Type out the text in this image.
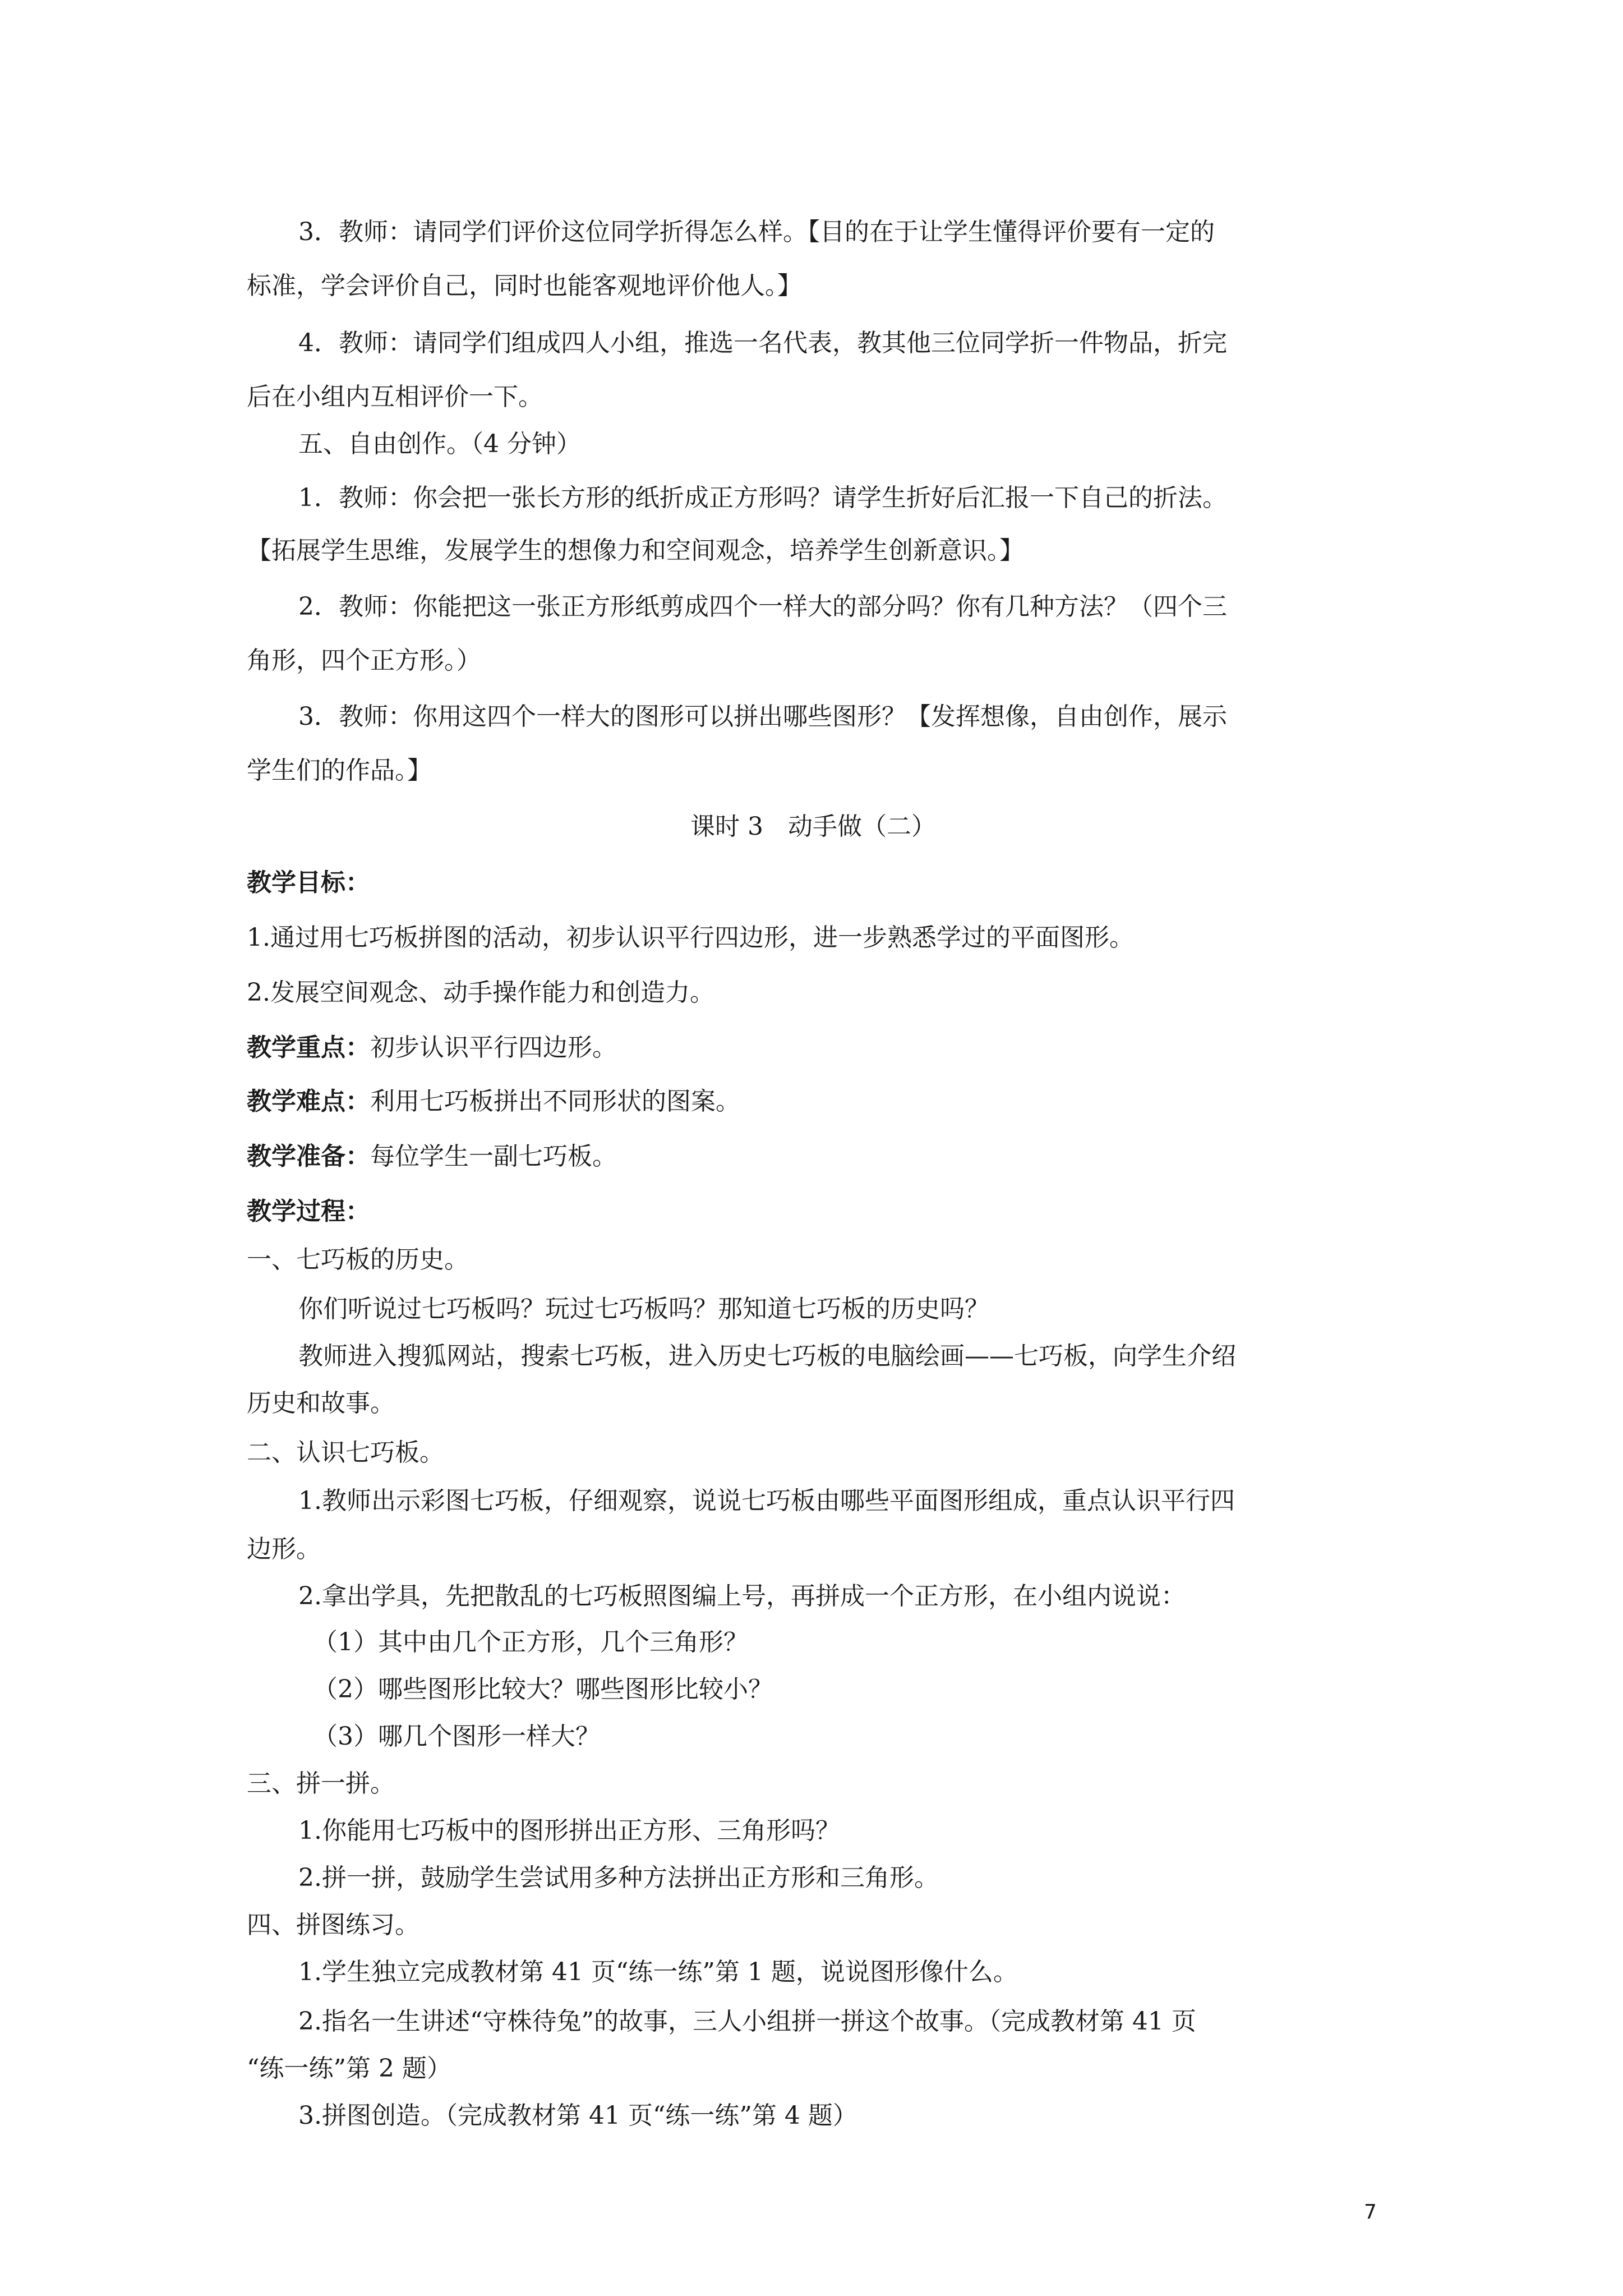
3．教师：请同学们评价这位同学折得怎么样。【目的在于让学生懂得评价要有一定的
标准，学会评价自己，同时也能客观地评价他人。】
4．教师：请同学们组成四人小组，推选一名代表，教其他三位同学折一件物品，折完
后在小组内互相评价一下。
五、自由创作。（4 分钟）
1．教师：你会把一张长方形的纸折成正方形吗？请学生折好后汇报一下自己的折法。
【拓展学生思维，发展学生的想像力和空间观念，培养学生创新意识。】
2．教师：你能把这一张正方形纸剪成四个一样大的部分吗？你有几种方法？（四个三
角形，四个正方形。）
3．教师：你用这四个一样大的图形可以拼出哪些图形？【发挥想像，自由创作，展示
学生们的作品。】
课时 3　动手做（二）
教学目标：
1.通过用七巧板拼图的活动，初步认识平行四边形，进一步熟悉学过的平面图形。
2.发展空间观念、动手操作能力和创造力。
教学重点：初步认识平行四边形。
教学难点：利用七巧板拼出不同形状的图案。
教学准备：每位学生一副七巧板。
教学过程：
一、七巧板的历史。
你们听说过七巧板吗？玩过七巧板吗？那知道七巧板的历史吗？
教师进入搜狐网站，搜索七巧板，进入历史七巧板的电脑绘画——七巧板，向学生介绍
历史和故事。
二、认识七巧板。
1.教师出示彩图七巧板，仔细观察，说说七巧板由哪些平面图形组成，重点认识平行四
边形。
2.拿出学具，先把散乱的七巧板照图编上号，再拼成一个正方形，在小组内说说：
（1）其中由几个正方形，几个三角形？
（2）哪些图形比较大？哪些图形比较小？
（3）哪几个图形一样大？
三、拼一拼。
1.你能用七巧板中的图形拼出正方形、三角形吗？
2.拼一拼，鼓励学生尝试用多种方法拼出正方形和三角形。
四、拼图练习。
1.学生独立完成教材第 41 页“练一练”第 1 题，说说图形像什么。
2.指名一生讲述“守株待兔”的故事，三人小组拼一拼这个故事。（完成教材第 41 页
“练一练”第 2 题）
3.拼图创造。（完成教材第 41 页“练一练”第 4 题）
7
